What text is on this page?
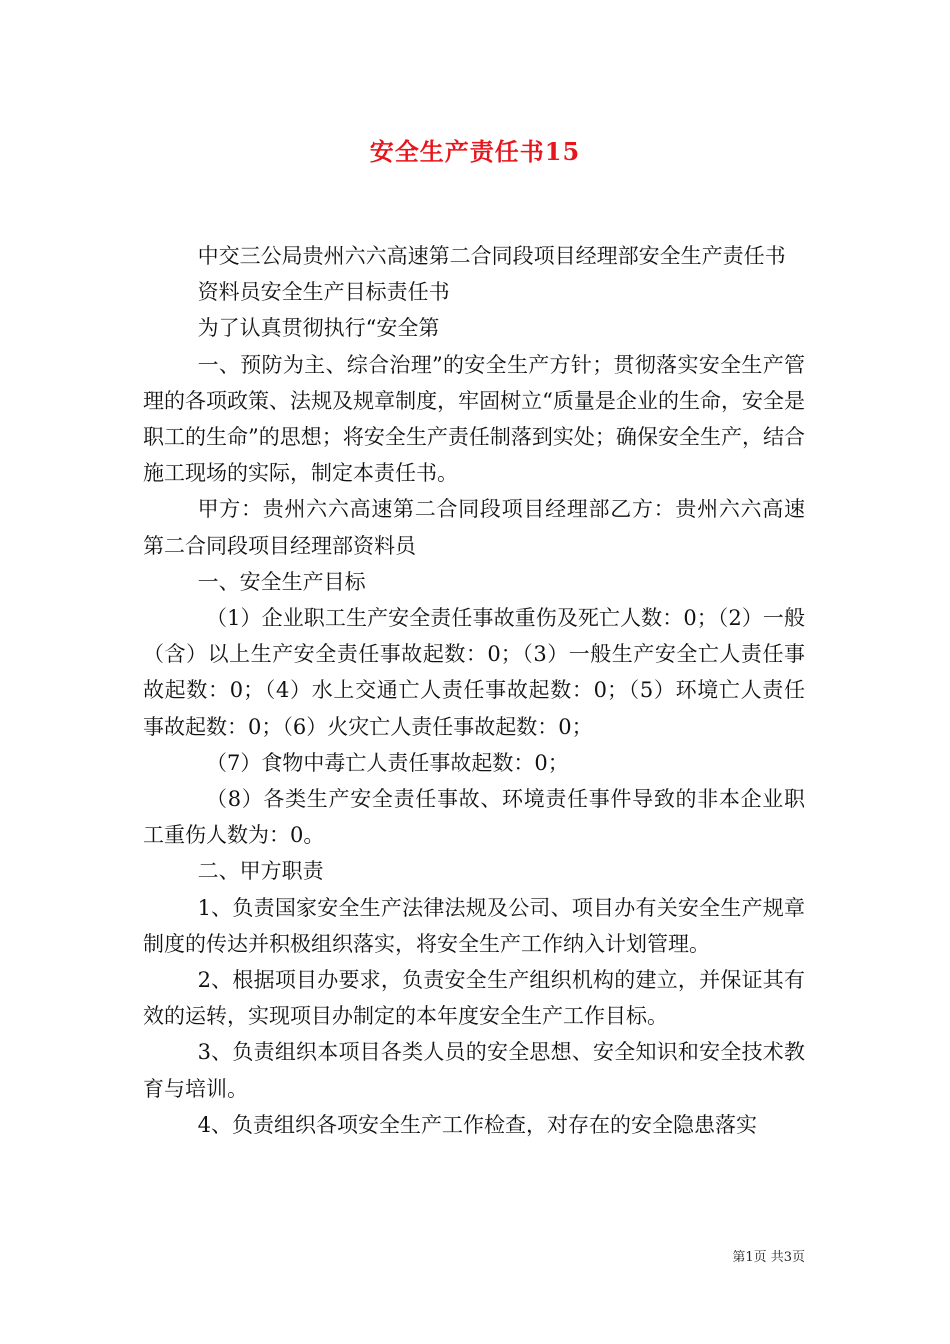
安全生产责任书15

中交三公局贵州六六高速第二合同段项目经理部安全生产责任书

资料员安全生产目标责任书

为了认真贯彻执行“安全第

一、预防为主、综合治理”的安全生产方针；贯彻落实安全生产管理的各项政策、法规及规章制度，牢固树立“质量是企业的生命，安全是职工的生命”的思想；将安全生产责任制落到实处；确保安全生产，结合施工现场的实际，制定本责任书。

甲方：贵州六六高速第二合同段项目经理部乙方：贵州六六高速第二合同段项目经理部资料员

一、安全生产目标

（1）企业职工生产安全责任事故重伤及死亡人数：0；（2）一般（含）以上生产安全责任事故起数：0；（3）一般生产安全亡人责任事故起数：0；（4）水上交通亡人责任事故起数：0；（5）环境亡人责任事故起数：0；（6）火灾亡人责任事故起数：0；

（7）食物中毒亡人责任事故起数：0；

（8）各类生产安全责任事故、环境责任事件导致的非本企业职工重伤人数为：0。

二、甲方职责

1、负责国家安全生产法律法规及公司、项目办有关安全生产规章制度的传达并积极组织落实，将安全生产工作纳入计划管理。

2、根据项目办要求，负责安全生产组织机构的建立，并保证其有效的运转，实现项目办制定的本年度安全生产工作目标。

3、负责组织本项目各类人员的安全思想、安全知识和安全技术教育与培训。

4、负责组织各项安全生产工作检查，对存在的安全隐患落实

第1页 共3页
